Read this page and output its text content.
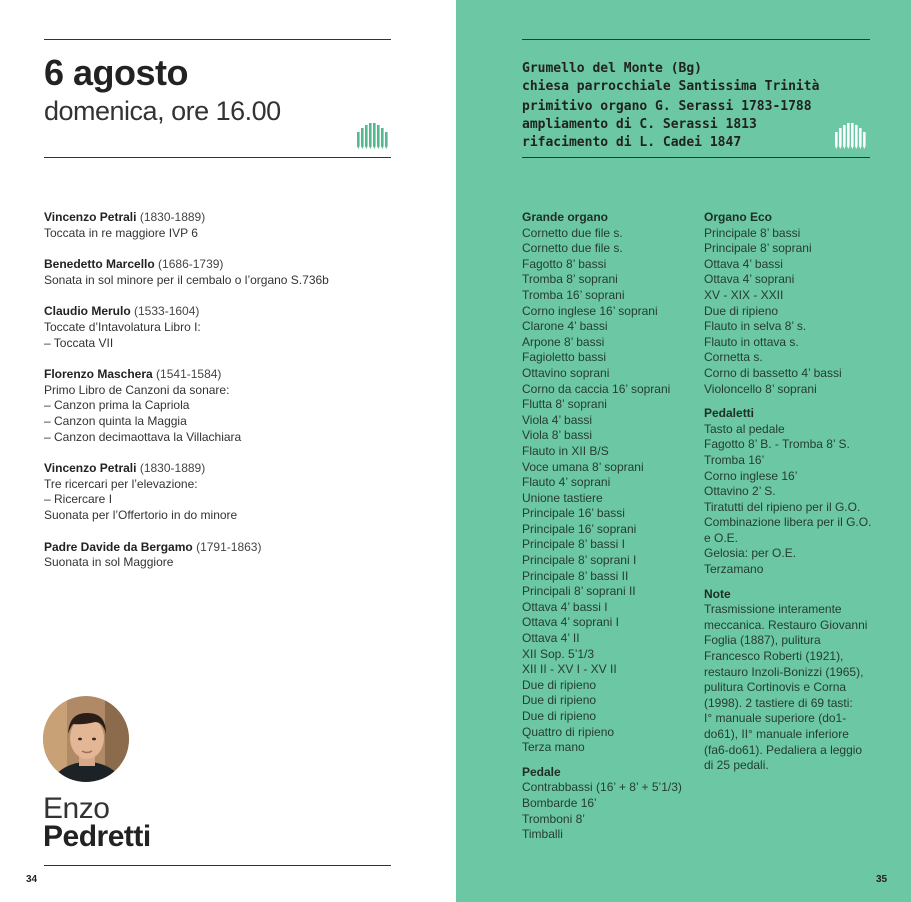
6 agosto
domenica, ore 16.00
Vincenzo Petrali (1830-1889)
Toccata in re maggiore IVP 6
Benedetto Marcello (1686-1739)
Sonata in sol minore per il cembalo o l’organo S.736b
Claudio Merulo (1533-1604)
Toccate d’Intavolatura Libro I:
– Toccata VII
Florenzo Maschera (1541-1584)
Primo Libro de Canzoni da sonare:
– Canzon prima la Capriola
– Canzon quinta la Maggia
– Canzon decimaottava la Villachiara
Vincenzo Petrali (1830-1889)
Tre ricercari per l’elevazione:
– Ricercare I
Suonata per l’Offertorio in do minore
Padre Davide da Bergamo (1791-1863)
Suonata in sol Maggiore
Enzo
Pedretti
34	35
Grumello del Monte (Bg)
chiesa parrocchiale Santissima Trinità
primitivo organo G. Serassi 1783-1788
ampliamento di C. Serassi 1813
rifacimento di L. Cadei 1847
Grande organo
Cornetto due file s.
Cornetto due file s.
Fagotto 8’ bassi
Tromba 8’ soprani
Tromba 16’ soprani
Corno inglese 16’ soprani
Clarone 4’ bassi
Arpone 8’ bassi
Fagioletto bassi
Ottavino soprani
Corno da caccia 16’ soprani
Flutta 8’ soprani
Viola 4’ bassi
Viola 8’ bassi
Flauto in XII B/S
Voce umana 8’ soprani
Flauto 4’ soprani
Unione tastiere
Principale 16’ bassi
Principale 16’ soprani
Principale 8’ bassi I
Principale 8’ soprani I
Principale 8’ bassi II
Principali 8’ soprani II
Ottava 4’ bassi I
Ottava 4’ soprani I
Ottava 4’ II
XII Sop. 5’1/3
XII II - XV I - XV II
Due di ripieno
Due di ripieno
Due di ripieno
Quattro di ripieno
Terza mano
Pedale
Contrabbassi (16’ + 8’ + 5’1/3)
Bombarde 16’
Tromboni 8’
Timballi
Organo Eco
Principale 8’ bassi
Principale 8’ soprani
Ottava 4’ bassi
Ottava 4’ soprani
XV - XIX - XXII
Due di ripieno
Flauto in selva 8’ s.
Flauto in ottava s.
Cornetta s.
Corno di bassetto 4’ bassi
Violoncello 8’ soprani
Pedaletti
Tasto al pedale
Fagotto 8’ B. - Tromba 8’ S.
Tromba 16’
Corno inglese 16’
Ottavino 2’ S.
Tiratutti del ripieno per il G.O.
Combinazione libera per il G.O.
e O.E.
Gelosia: per O.E.
Terzamano
Note
Trasmissione interamente
meccanica. Restauro Giovanni
Fogliа (1887), pulitura
Francesco Roberti (1921),
restauro Inzoli-Bonizzi (1965),
pulitura Cortinovis e Corna
(1998). 2 tastiere di 69 tasti:
I° manuale superiore (do1-
do61), II° manuale inferiore
(fa6-do61). Pedaliera a leggio
di 25 pedali.
